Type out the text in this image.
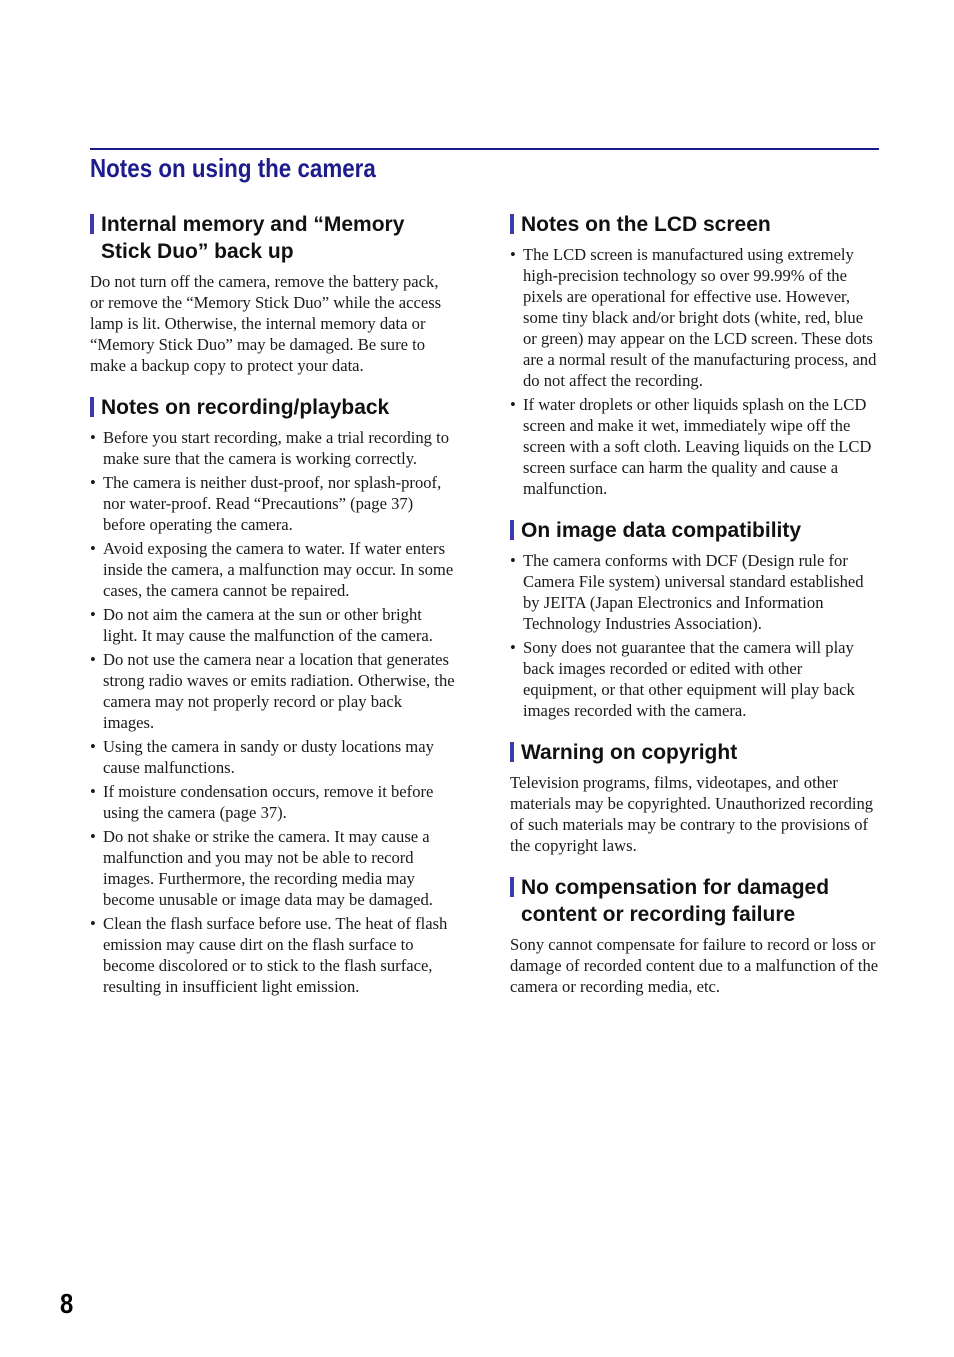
Notes on using the camera
Internal memory and “Memory Stick Duo” back up

Do not turn off the camera, remove the battery pack, or remove the “Memory Stick Duo” while the access lamp is lit. Otherwise, the internal memory data or “Memory Stick Duo” may be damaged. Be sure to make a backup copy to protect your data.

Notes on recording/playback
• Before you start recording, make a trial recording to make sure that the camera is working correctly.
• The camera is neither dust-proof, nor splash-proof, nor water-proof. Read “Precautions” (page 37) before operating the camera.
• Avoid exposing the camera to water. If water enters inside the camera, a malfunction may occur. In some cases, the camera cannot be repaired.
• Do not aim the camera at the sun or other bright light. It may cause the malfunction of the camera.
• Do not use the camera near a location that generates strong radio waves or emits radiation. Otherwise, the camera may not properly record or play back images.
• Using the camera in sandy or dusty locations may cause malfunctions.
• If moisture condensation occurs, remove it before using the camera (page 37).
• Do not shake or strike the camera. It may cause a malfunction and you may not be able to record images. Furthermore, the recording media may become unusable or image data may be damaged.
• Clean the flash surface before use. The heat of flash emission may cause dirt on the flash surface to become discolored or to stick to the flash surface, resulting in insufficient light emission.
Notes on the LCD screen
• The LCD screen is manufactured using extremely high-precision technology so over 99.99% of the pixels are operational for effective use. However, some tiny black and/or bright dots (white, red, blue or green) may appear on the LCD screen. These dots are a normal result of the manufacturing process, and do not affect the recording.
• If water droplets or other liquids splash on the LCD screen and make it wet, immediately wipe off the screen with a soft cloth. Leaving liquids on the LCD screen surface can harm the quality and cause a malfunction.
On image data compatibility
• The camera conforms with DCF (Design rule for Camera File system) universal standard established by JEITA (Japan Electronics and Information Technology Industries Association).
• Sony does not guarantee that the camera will play back images recorded or edited with other equipment, or that other equipment will play back images recorded with the camera.
Warning on copyright

Television programs, films, videotapes, and other materials may be copyrighted. Unauthorized recording of such materials may be contrary to the provisions of the copyright laws.

No compensation for damaged content or recording failure

Sony cannot compensate for failure to record or loss or damage of recorded content due to a malfunction of the camera or recording media, etc.

8
